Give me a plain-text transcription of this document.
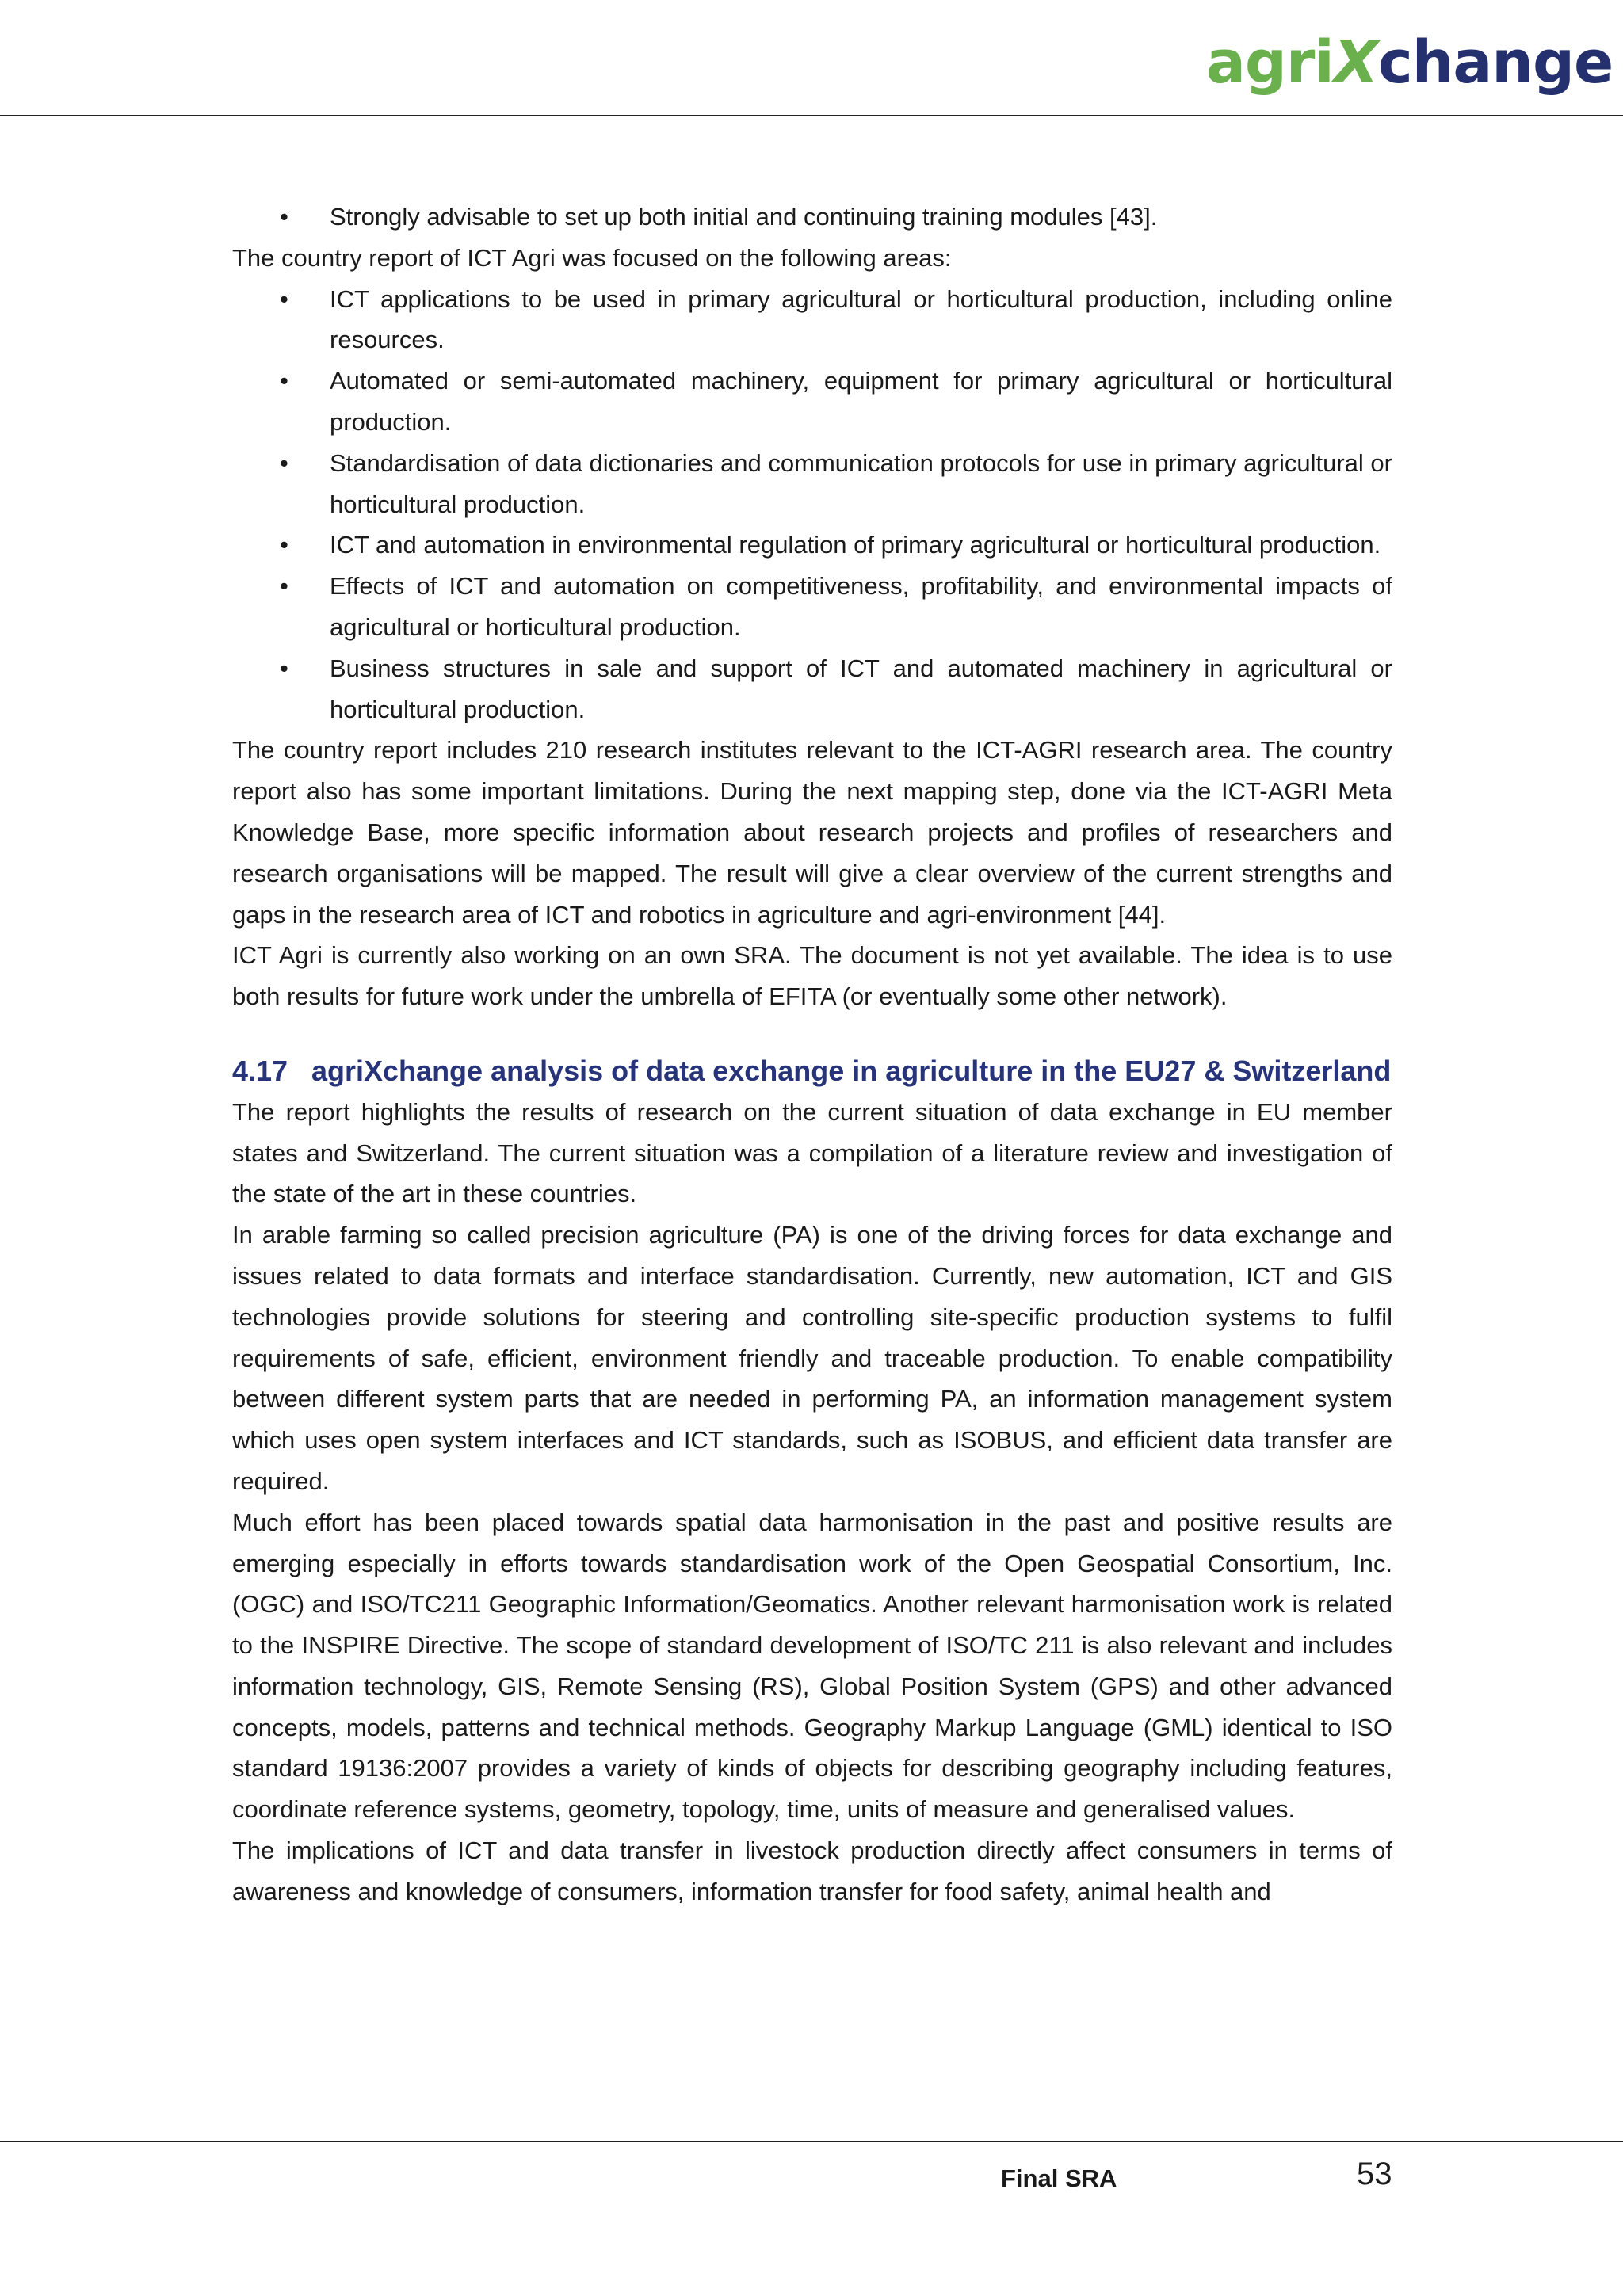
agriXchange
• Strongly advisable to set up both initial and continuing training modules [43].

The country report of ICT Agri was focused on the following areas:

• ICT applications to be used in primary agricultural or horticultural production, including online resources.
• Automated or semi-automated machinery, equipment for primary agricultural or horticultural production.
• Standardisation of data dictionaries and communication protocols for use in primary agricultural or horticultural production.
• ICT and automation in environmental regulation of primary agricultural or horticultural production.
• Effects of ICT and automation on competitiveness, profitability, and environmental impacts of agricultural or horticultural production.
• Business structures in sale and support of ICT and automated machinery in agricultural or horticultural production.

The country report includes 210 research institutes relevant to the ICT-AGRI research area. The country report also has some important limitations. During the next mapping step, done via the ICT-AGRI Meta Knowledge Base, more specific information about research projects and profiles of researchers and research organisations will be mapped. The result will give a clear overview of the current strengths and gaps in the research area of ICT and robotics in agriculture and agri-environment [44].

ICT Agri is currently also working on an own SRA. The document is not yet available. The idea is to use both results for future work under the umbrella of EFITA (or eventually some other network).

4.17 agriXchange analysis of data exchange in agriculture in the EU27 & Switzerland

The report highlights the results of research on the current situation of data exchange in EU member states and Switzerland. The current situation was a compilation of a literature review and investigation of the state of the art in these countries.

In arable farming so called precision agriculture (PA) is one of the driving forces for data exchange and issues related to data formats and interface standardisation. Currently, new automation, ICT and GIS technologies provide solutions for steering and controlling site-specific production systems to fulfil requirements of safe, efficient, environment friendly and traceable production. To enable compatibility between different system parts that are needed in performing PA, an information management system which uses open system interfaces and ICT standards, such as ISOBUS, and efficient data transfer are required.

Much effort has been placed towards spatial data harmonisation in the past and positive results are emerging especially in efforts towards standardisation work of the Open Geospatial Consortium, Inc. (OGC) and ISO/TC211 Geographic Information/Geomatics. Another relevant harmonisation work is related to the INSPIRE Directive. The scope of standard development of ISO/TC 211 is also relevant and includes information technology, GIS, Remote Sensing (RS), Global Position System (GPS) and other advanced concepts, models, patterns and technical methods. Geography Markup Language (GML) identical to ISO standard 19136:2007 provides a variety of kinds of objects for describing geography including features, coordinate reference systems, geometry, topology, time, units of measure and generalised values.

The implications of ICT and data transfer in livestock production directly affect consumers in terms of awareness and knowledge of consumers, information transfer for food safety, animal health and

Final SRA	53
